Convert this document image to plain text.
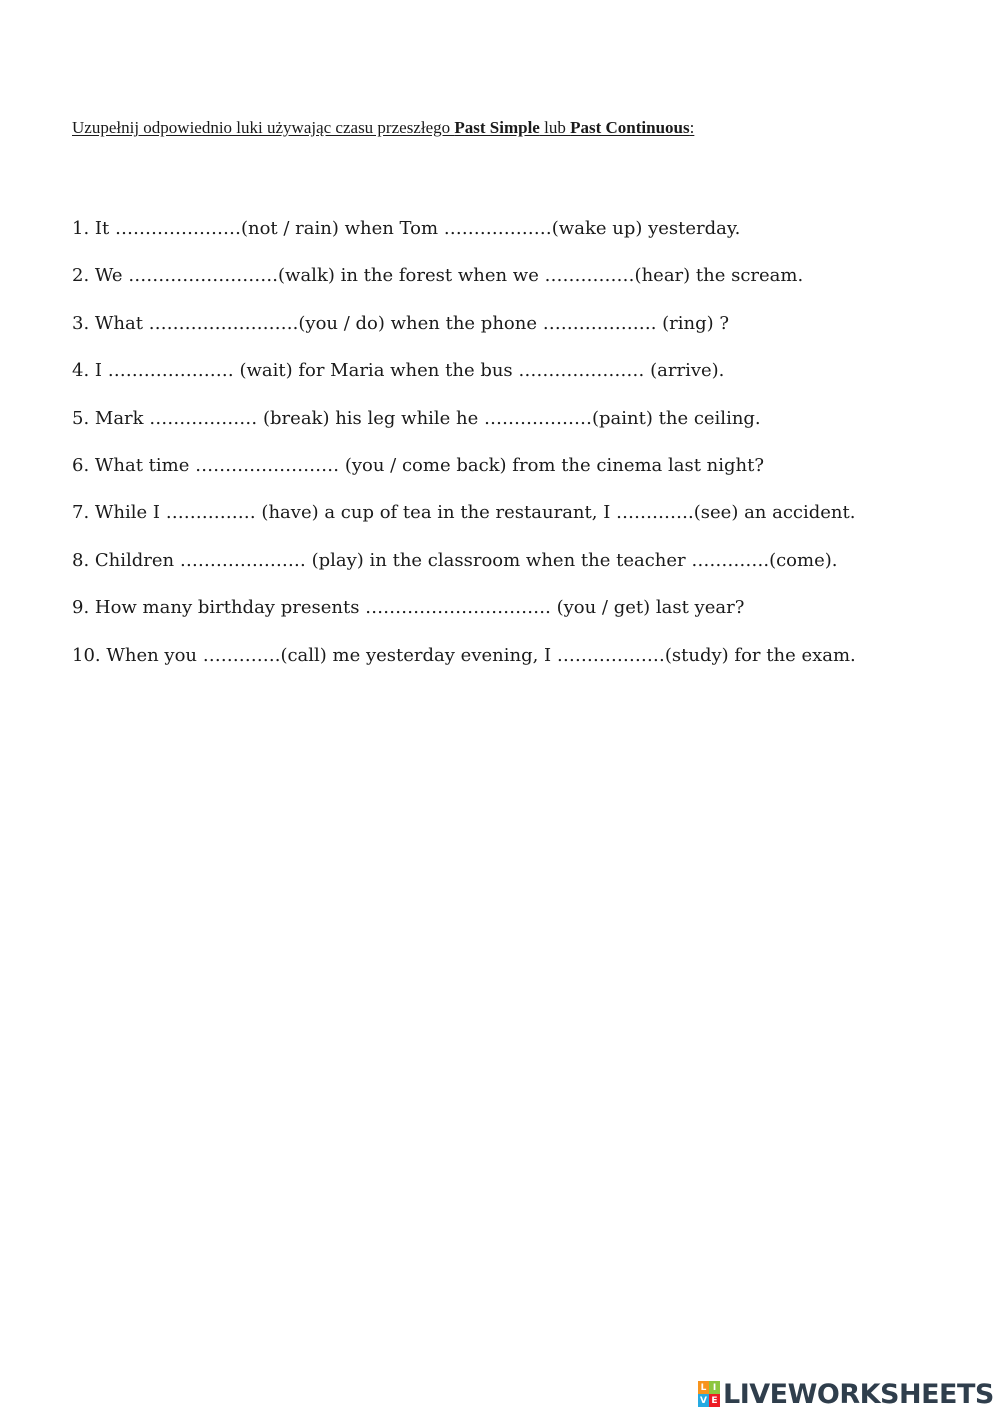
Uzupełnij odpowiednio luki używając czasu przeszłego Past Simple lub Past Continuous:
1. It …………………(not / rain) when Tom ………………(wake up) yesterday.
2. We …………………….(walk) in the forest when we ……………(hear) the scream.
3. What …………………….(you / do) when the phone ………………. (ring) ?
4. I ………………… (wait) for Maria when the bus ………………… (arrive).
5. Mark ……………… (break) his leg while he ………………(paint) the ceiling.
6. What time …………………… (you / come back) from the cinema last night?
7. While I …………… (have) a cup of tea in the restaurant, I ………….(see) an accident.
8. Children ………………… (play) in the classroom when the teacher ………….(come).
9. How many birthday presents …………………………. (you / get) last year?
10. When you ………….(call) me yesterday evening, I ………………(study) for the exam.
L I
V E LIVEWORKSHEETS
